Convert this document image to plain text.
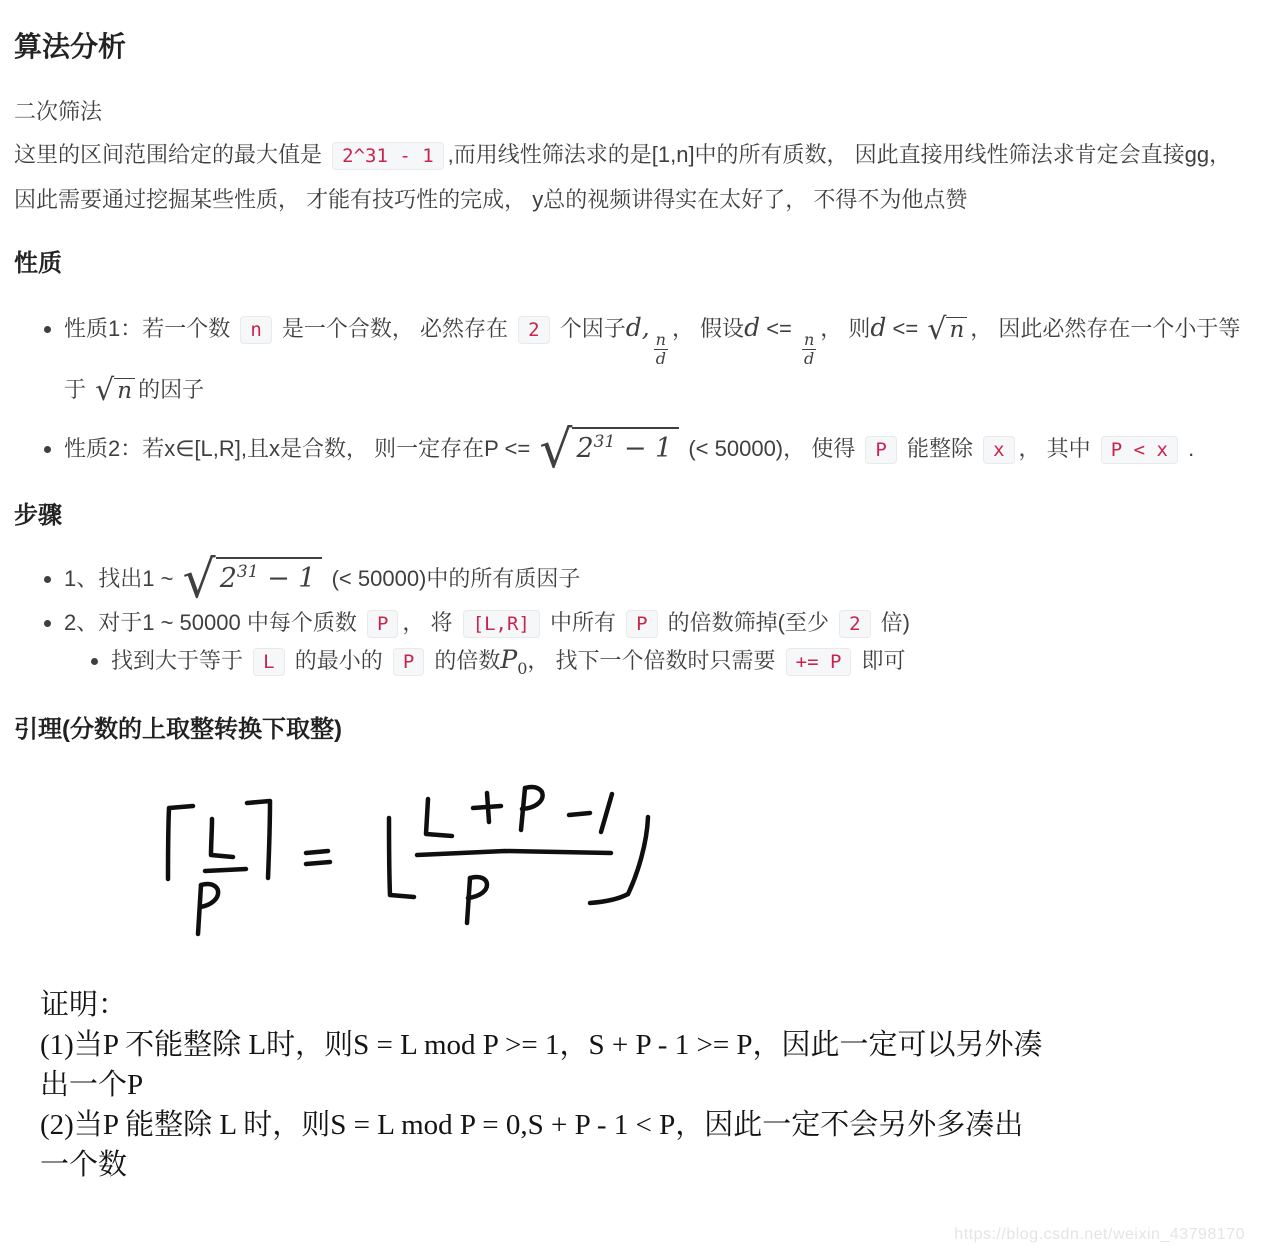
算法分析
二次筛法
这里的区间范围给定的最大值是 2^31 - 1 ,而用线性筛法求的是[1,n]中的所有质数， 因此直接用线性筛法求肯定会直接gg， 因此需要通过挖掘某些性质， 才能有技巧性的完成， y总的视频讲得实在太好了， 不得不为他点赞
性质
• 性质1：若一个数 n 是一个合数， 必然存在 2 个因子d,
$\frac{n}{d}$
， 假设d <=
$\frac{n}{d}$
， 则d <= √ n ， 因此必然存在一个小于等于 √ n 的因子
• 性质2：若x∈[L,R],且x是合数， 则一定存在P <= √ $2^{31} - 1$ (< 50000)， 使得 P 能整除 x ， 其中 P < x .
步骤
• 1、找出1 ~ √ $2^{31} - 1$ (< 50000)中的所有质因子
• 2、对于1 ~ 50000 中每个质数 P ， 将 [L,R] 中所有 P 的倍数筛掉(至少 2 倍)
• 找到大于等于 L 的最小的 P 的倍数$P_0$， 找下一个倍数时只需要 += P 即可
引理(分数的上取整转换下取整)
证明：
(1)当P 不能整除 L时，则S = L mod P >= 1，S + P - 1 >= P，因此一定可以另外凑
出一个P
(2)当P 能整除 L 时，则S = L mod P = 0,S + P - 1 < P，因此一定不会另外多凑出
一个数
https://blog.csdn.net/weixin_43798170
